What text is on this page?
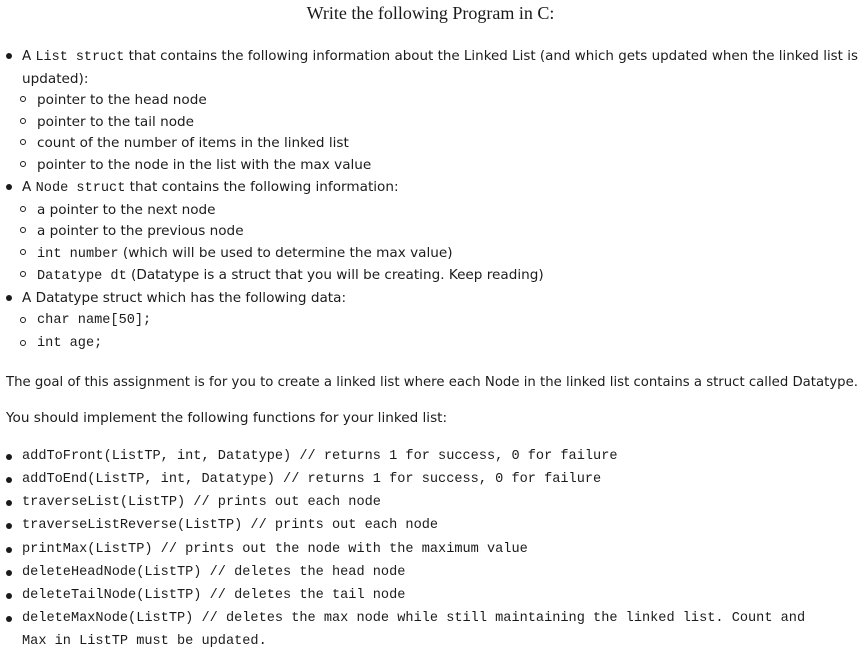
Write the following Program in C:
A List struct that contains the following information about the Linked List (and which gets updated when the linked list is
updated):
pointer to the head node
pointer to the tail node
count of the number of items in the linked list
pointer to the node in the list with the max value
A Node struct that contains the following information:
a pointer to the next node
a pointer to the previous node
int number (which will be used to determine the max value)
Datatype dt (Datatype is a struct that you will be creating. Keep reading)
A Datatype struct which has the following data:
char name[50];
int age;
The goal of this assignment is for you to create a linked list where each Node in the linked list contains a struct called Datatype.
You should implement the following functions for your linked list:
addToFront(ListTP, int, Datatype) // returns 1 for success, 0 for failure
addToEnd(ListTP, int, Datatype) // returns 1 for success, 0 for failure
traverseList(ListTP) // prints out each node
traverseListReverse(ListTP) // prints out each node
printMax(ListTP) // prints out the node with the maximum value
deleteHeadNode(ListTP) // deletes the head node
deleteTailNode(ListTP) // deletes the tail node
deleteMaxNode(ListTP) // deletes the max node while still maintaining the linked list. Count and
Max in ListTP must be updated.
